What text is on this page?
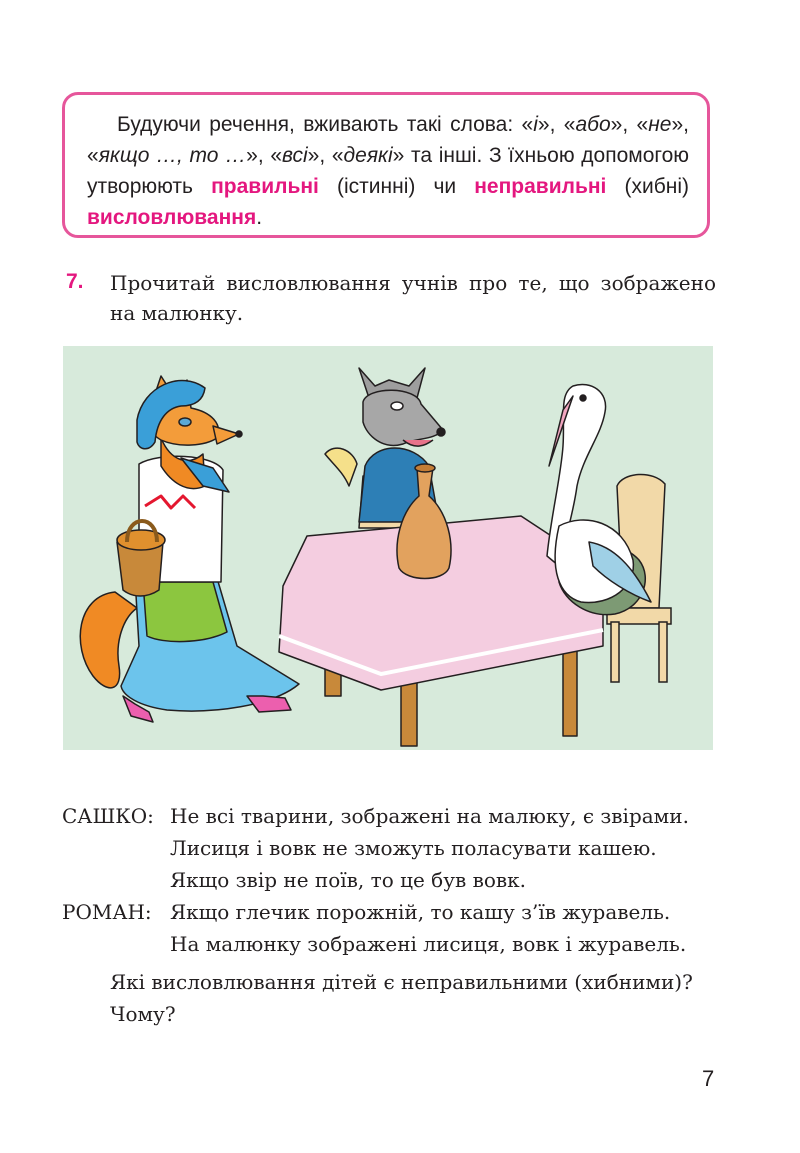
Будуючи речення, вживають такі слова: «і», «або», «не», «якщо …, то …», «всі», «деякі» та інші. З їхньою допомогою утворюють правильні (істинні) чи неправильні (хибні) висловлювання.

7. Прочитай висловлювання учнів про те, що зображено на малюнку.
САШКО: Не всі тварини, зображені на малюку, є звірами.
Лисиця і вовк не зможуть поласувати кашею.
Якщо звір не поїв, то це був вовк.
РОМАН: Якщо глечик порожній, то кашу з’їв журавель.
На малюнку зображені лисиця, вовк і журавель.
Які висловлювання дітей є неправильними (хибними)? Чому?
7
